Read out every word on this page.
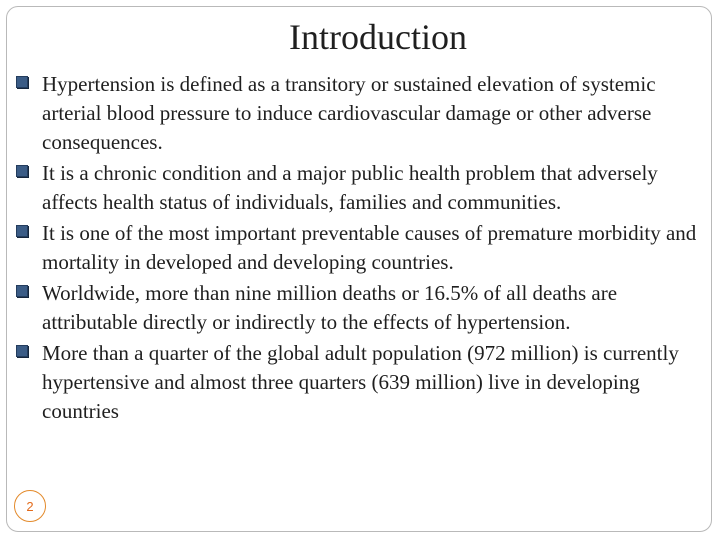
Introduction
Hypertension is defined as a transitory or sustained elevation of systemic arterial blood pressure to induce cardiovascular damage or other adverse consequences.
It is a chronic condition and a major public health problem that adversely affects health status of individuals, families and communities.
It is one of the most important preventable causes of premature morbidity and mortality in developed and developing countries.
Worldwide, more than nine million deaths or 16.5% of all deaths are attributable directly or indirectly to the effects of hypertension.
More than a quarter of the global adult population (972 million) is currently hypertensive and almost three quarters (639 million) live in developing countries
2
